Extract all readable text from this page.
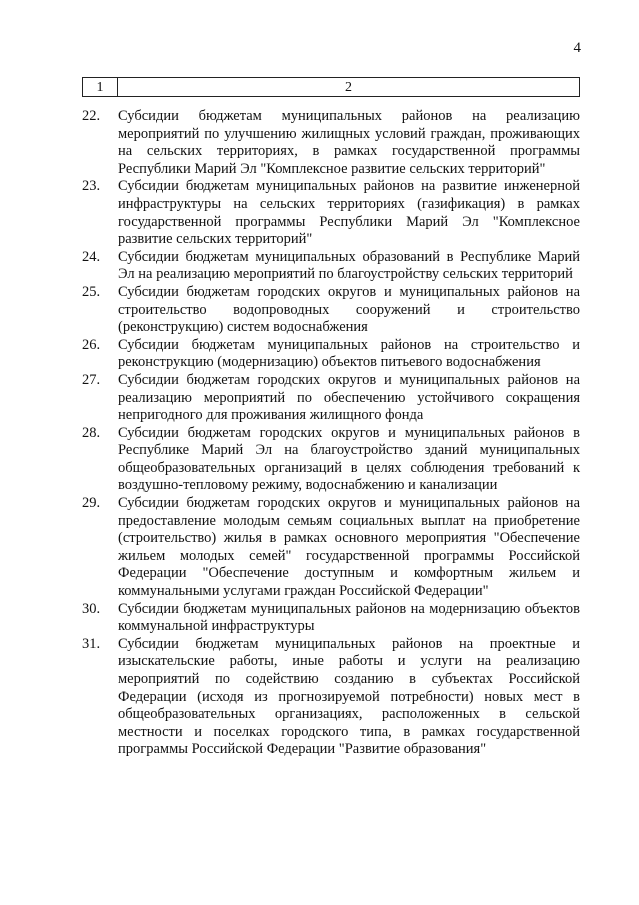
4
1	2
22.	Субсидии бюджетам муниципальных районов на реализацию мероприятий по улучшению жилищных условий граждан, проживающих на сельских территориях, в рамках государственной программы Республики Марий Эл "Комплексное развитие сельских территорий"
23.	Субсидии бюджетам муниципальных районов на развитие инженерной инфраструктуры на сельских территориях (газификация) в рамках государственной программы Республики Марий Эл "Комплексное развитие сельских территорий"
24.	Субсидии бюджетам муниципальных образований в Республике Марий Эл на реализацию мероприятий по благоустройству сельских территорий
25.	Субсидии бюджетам городских округов и муниципальных районов на строительство водопроводных сооружений и строительство (реконструкцию) систем водоснабжения
26.	Субсидии бюджетам муниципальных районов на строительство и реконструкцию (модернизацию) объектов питьевого водоснабжения
27.	Субсидии бюджетам городских округов и муниципальных районов на реализацию мероприятий по обеспечению устойчивого сокращения непригодного для проживания жилищного фонда
28.	Субсидии бюджетам городских округов и муниципальных районов в Республике Марий Эл на благоустройство зданий муниципальных общеобразовательных организаций в целях соблюдения требований к воздушно-тепловому режиму, водоснабжению и канализации
29.	Субсидии бюджетам городских округов и муниципальных районов на предоставление молодым семьям социальных выплат на приобретение (строительство) жилья в рамках основного мероприятия "Обеспечение жильем молодых семей" государственной программы Российской Федерации "Обеспечение доступным и комфортным жильем и коммунальными услугами граждан Российской Федерации"
30.	Субсидии бюджетам муниципальных районов на модернизацию объектов коммунальной инфраструктуры
31.	Субсидии бюджетам муниципальных районов на проектные и изыскательские работы, иные работы и услуги на реализацию мероприятий по содействию созданию в субъектах Российской Федерации (исходя из прогнозируемой потребности) новых мест в общеобразовательных организациях, расположенных в сельской местности и поселках городского типа, в рамках государственной программы Российской Федерации "Развитие образования"
